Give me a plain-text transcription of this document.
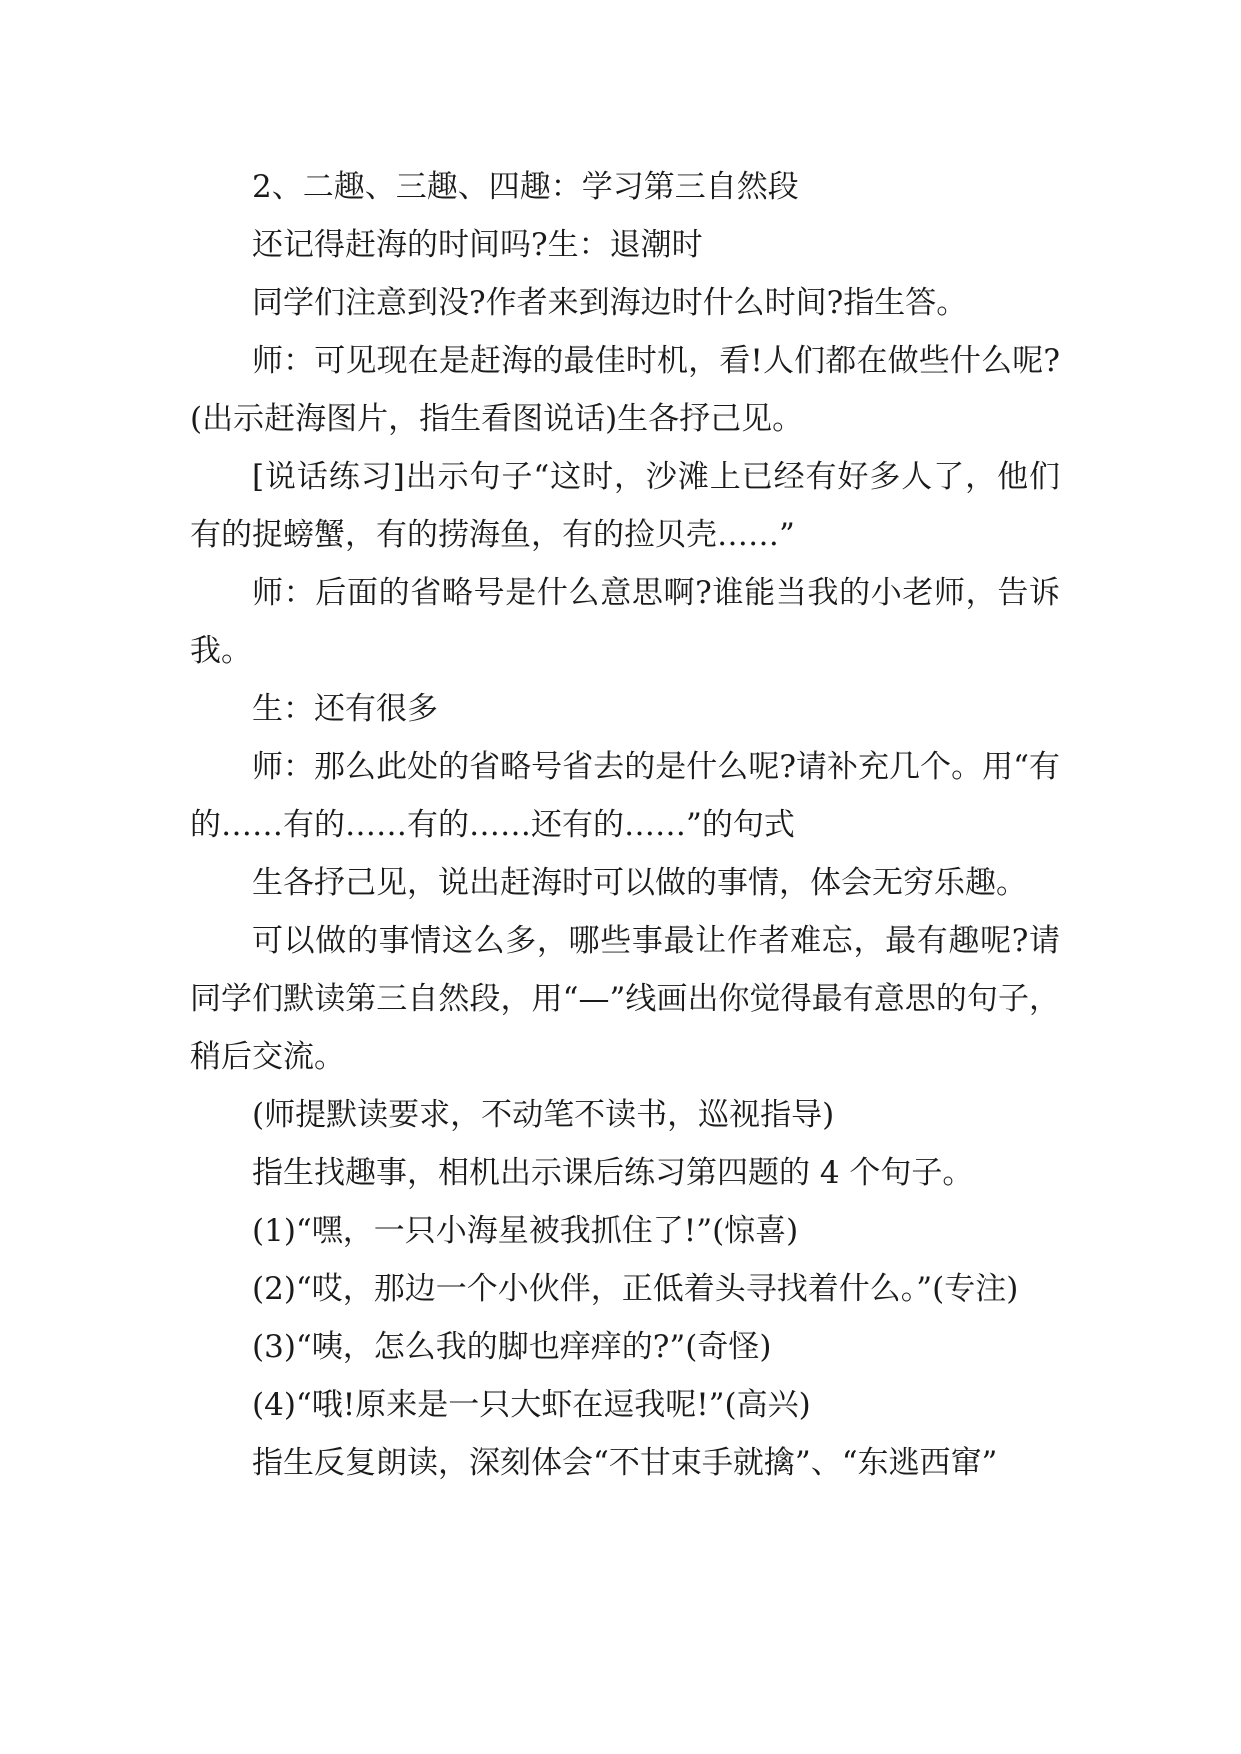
2、二趣、三趣、四趣：学习第三自然段

还记得赶海的时间吗?生：退潮时

同学们注意到没?作者来到海边时什么时间?指生答。

师：可见现在是赶海的最佳时机，看!人们都在做些什么呢?(出示赶海图片，指生看图说话)生各抒己见。

[说话练习]出示句子“这时，沙滩上已经有好多人了，他们有的捉螃蟹，有的捞海鱼，有的捡贝壳……”

师：后面的省略号是什么意思啊?谁能当我的小老师，告诉我。

生：还有很多

师：那么此处的省略号省去的是什么呢?请补充几个。用“有的……有的……有的……还有的……”的句式

生各抒己见，说出赶海时可以做的事情，体会无穷乐趣。

可以做的事情这么多，哪些事最让作者难忘，最有趣呢?请同学们默读第三自然段，用“—”线画出你觉得最有意思的句子，稍后交流。

(师提默读要求，不动笔不读书，巡视指导)

指生找趣事，相机出示课后练习第四题的 4 个句子。

(1)“嘿，一只小海星被我抓住了!”(惊喜)

(2)“哎，那边一个小伙伴，正低着头寻找着什么。”(专注)

(3)“咦，怎么我的脚也痒痒的?”(奇怪)

(4)“哦!原来是一只大虾在逗我呢!”(高兴)

指生反复朗读，深刻体会“不甘束手就擒”、“东逃西窜”
